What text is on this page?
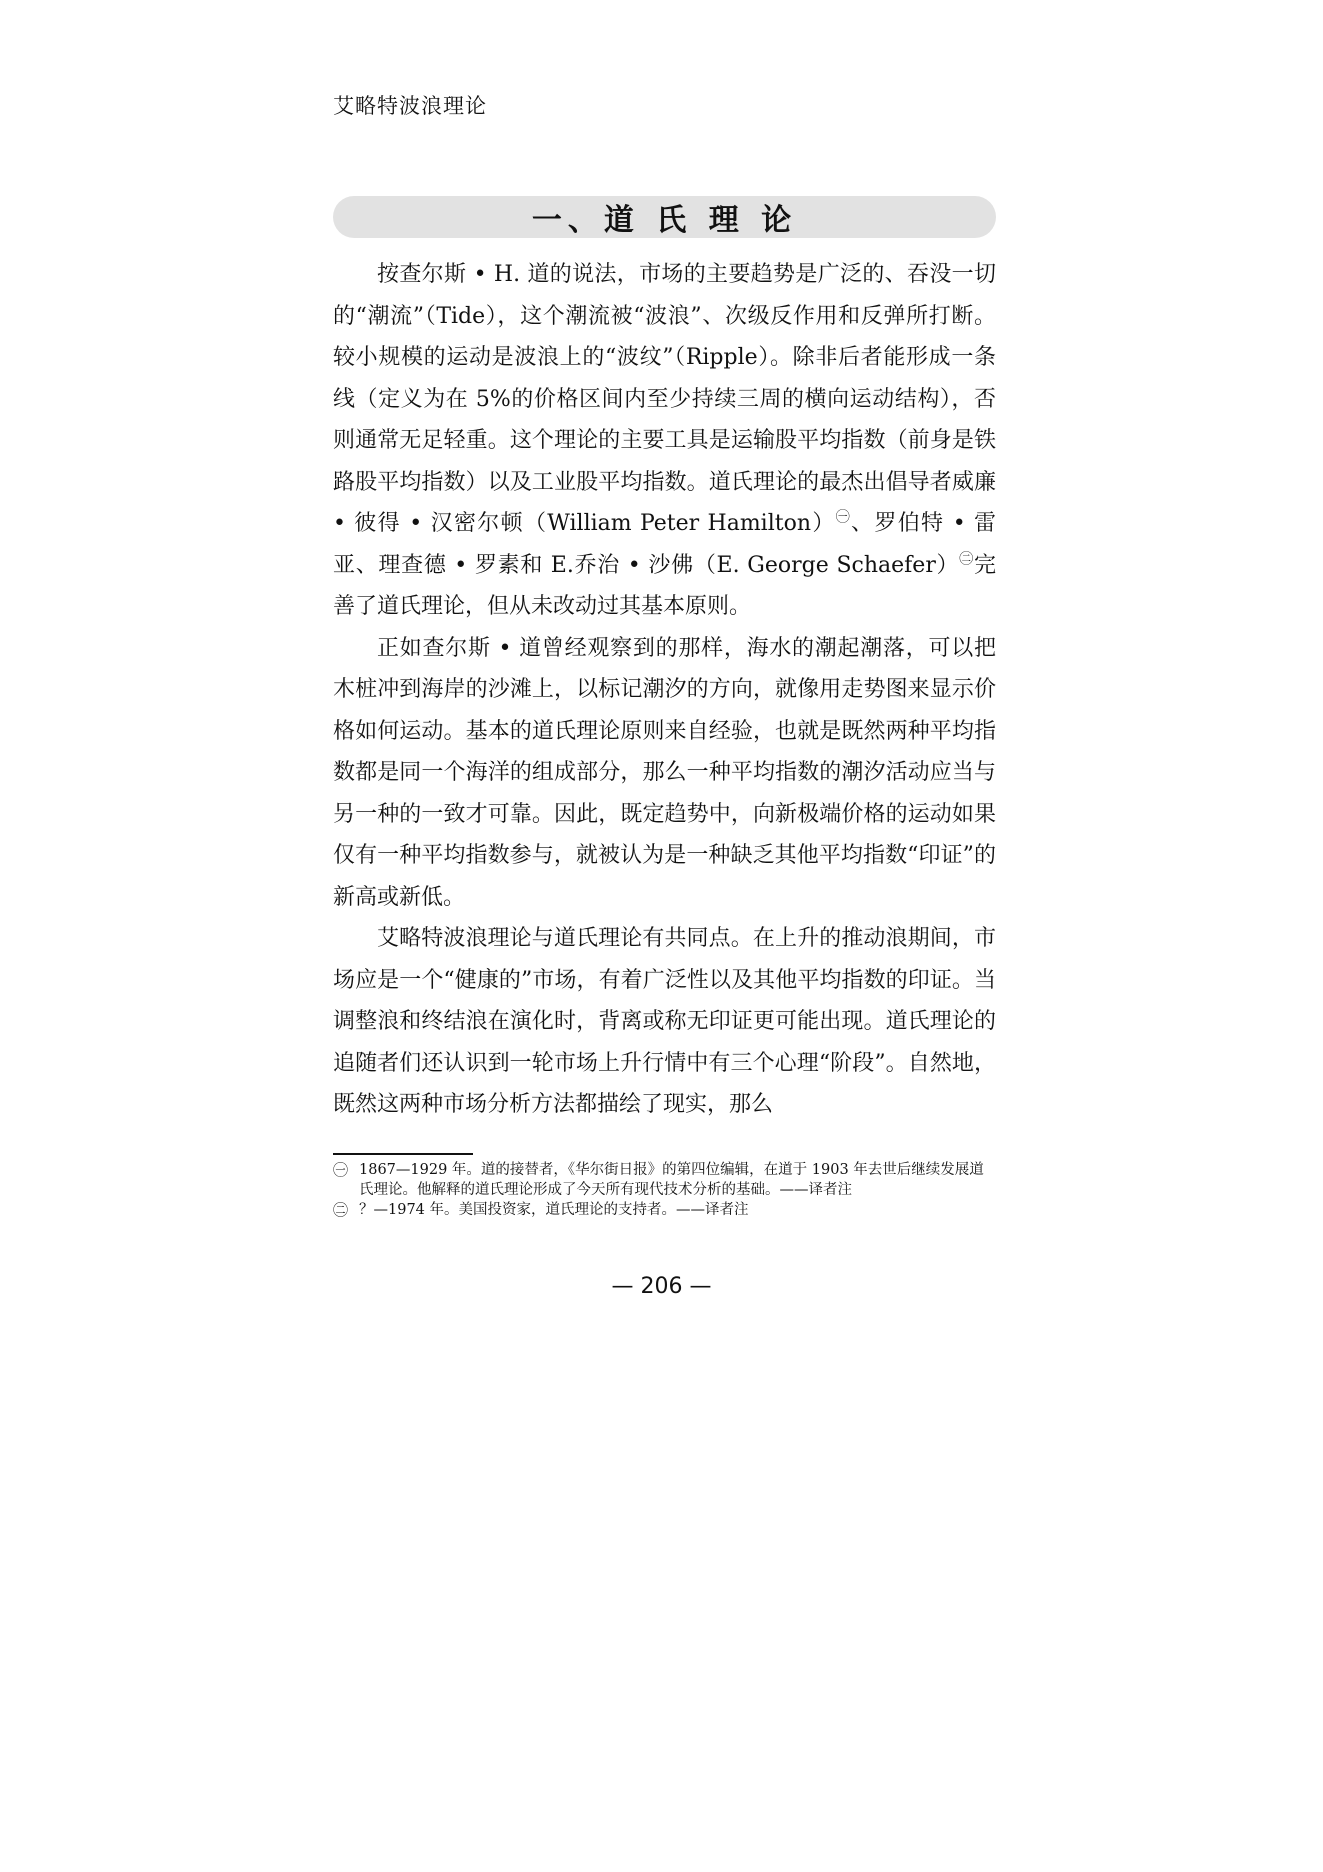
艾略特波浪理论
一、道 氏 理 论

按查尔斯 • H. 道的说法，市场的主要趋势是广泛的、吞没一切的“潮流”（Tide），这个潮流被“波浪”、次级反作用和反弹所打断。较小规模的运动是波浪上的“波纹”（Ripple）。除非后者能形成一条线（定义为在 5%的价格区间内至少持续三周的横向运动结构），否则通常无足轻重。这个理论的主要工具是运输股平均指数（前身是铁路股平均指数）以及工业股平均指数。道氏理论的最杰出倡导者威廉 • 彼得 • 汉密尔顿（William Peter Hamilton）$^㊀$、罗伯特 • 雷亚、理查德 • 罗素和 E.乔治 • 沙佛（E. George Schaefer）$^㊁$完善了道氏理论，但从未改动过其基本原则。

正如查尔斯 • 道曾经观察到的那样，海水的潮起潮落，可以把木桩冲到海岸的沙滩上，以标记潮汐的方向，就像用走势图来显示价格如何运动。基本的道氏理论原则来自经验，也就是既然两种平均指数都是同一个海洋的组成部分，那么一种平均指数的潮汐活动应当与另一种的一致才可靠。因此，既定趋势中，向新极端价格的运动如果仅有一种平均指数参与，就被认为是一种缺乏其他平均指数“印证”的新高或新低。

艾略特波浪理论与道氏理论有共同点。在上升的推动浪期间，市场应是一个“健康的”市场，有着广泛性以及其他平均指数的印证。当调整浪和终结浪在演化时，背离或称无印证更可能出现。道氏理论的追随者们还认识到一轮市场上升行情中有三个心理“阶段”。自然地，既然这两种市场分析方法都描绘了现实，那么

㊀ 1867—1929 年。道的接替者，《华尔街日报》的第四位编辑，在道于 1903 年去世后继续发展道氏理论。他解释的道氏理论形成了今天所有现代技术分析的基础。——译者注
㊁ ？—1974 年。美国投资家，道氏理论的支持者。——译者注
— 206 —
